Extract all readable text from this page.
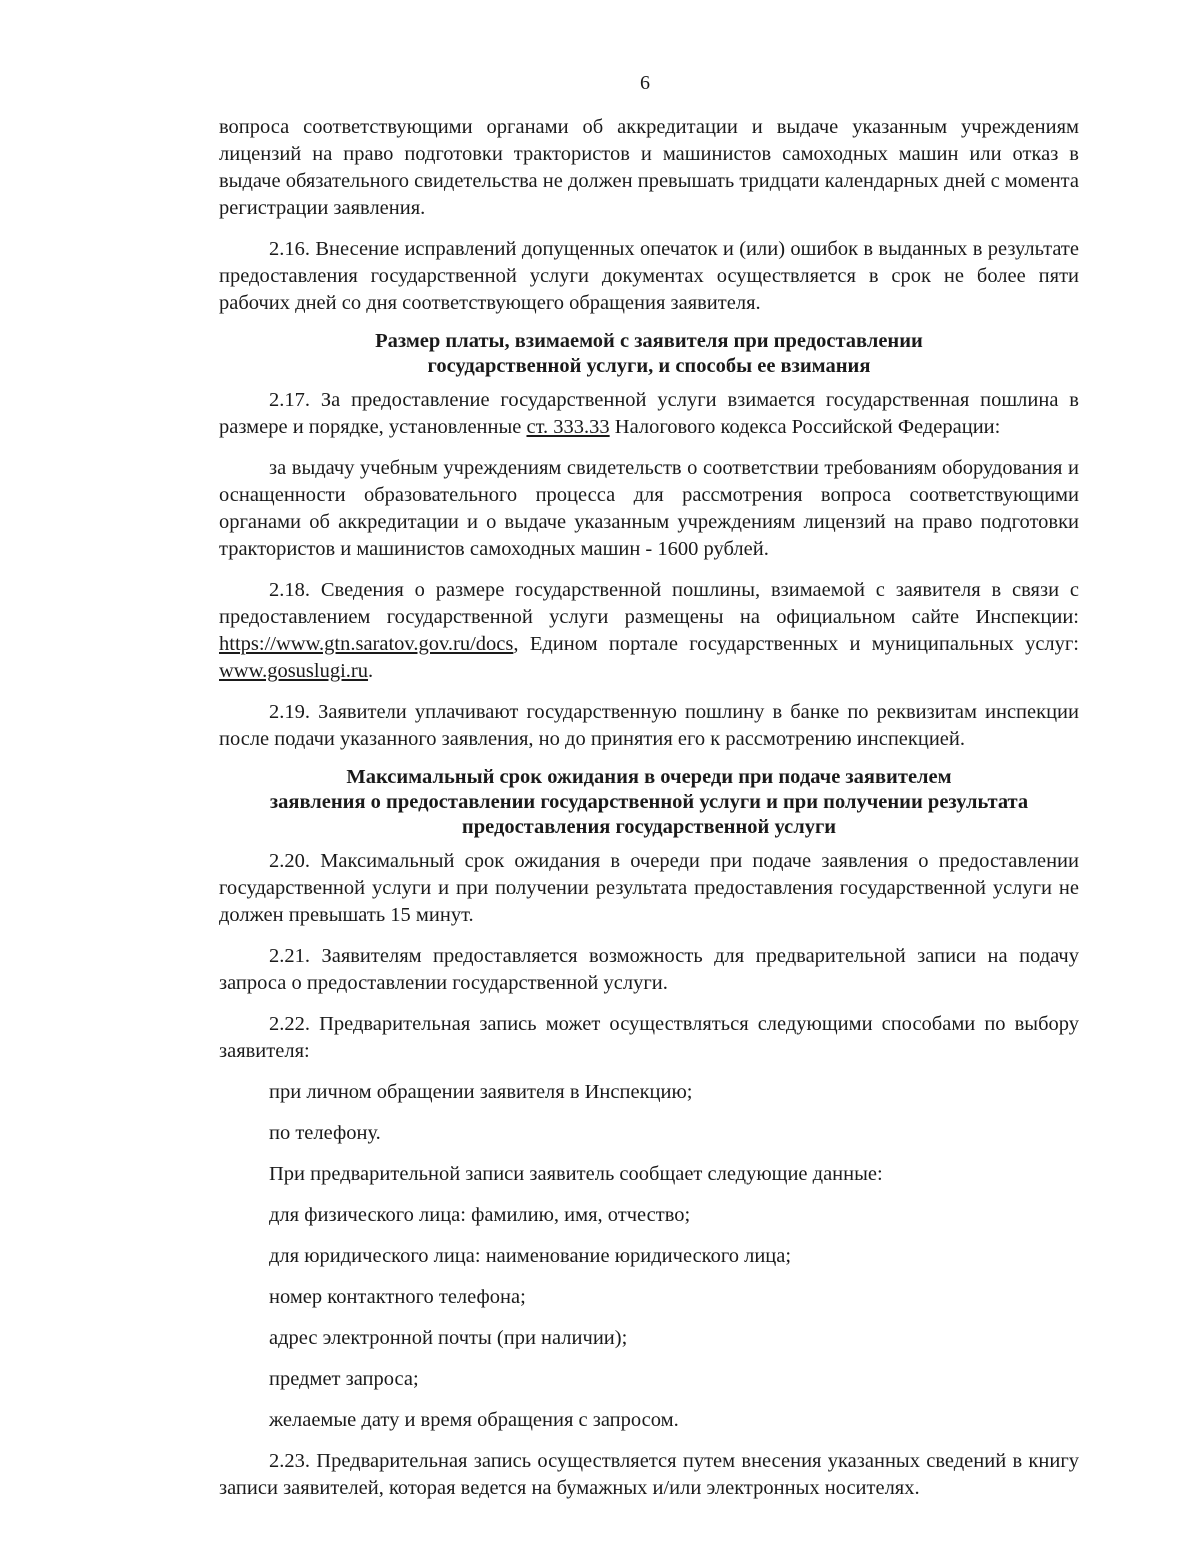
6

вопроса соответствующими органами об аккредитации и выдаче указанным учреждениям лицензий на право подготовки трактористов и машинистов самоходных машин или отказ в выдаче обязательного свидетельства не должен превышать тридцати календарных дней с момента регистрации заявления.

2.16. Внесение исправлений допущенных опечаток и (или) ошибок в выданных в результате предоставления государственной услуги документах осуществляется в срок не более пяти рабочих дней со дня соответствующего обращения заявителя.

Размер платы, взимаемой с заявителя при предоставлении государственной услуги, и способы ее взимания

2.17. За предоставление государственной услуги взимается государственная пошлина в размере и порядке, установленные ст. 333.33 Налогового кодекса Российской Федерации:

за выдачу учебным учреждениям свидетельств о соответствии требованиям оборудования и оснащенности образовательного процесса для рассмотрения вопроса соответствующими органами об аккредитации и о выдаче указанным учреждениям лицензий на право подготовки трактористов и машинистов самоходных машин - 1600 рублей.

2.18. Сведения о размере государственной пошлины, взимаемой с заявителя в связи с предоставлением государственной услуги размещены на официальном сайте Инспекции: https://www.gtn.saratov.gov.ru/docs, Едином портале государственных и муниципальных услуг: www.gosuslugi.ru.

2.19. Заявители уплачивают государственную пошлину в банке по реквизитам инспекции после подачи указанного заявления, но до принятия его к рассмотрению инспекцией.

Максимальный срок ожидания в очереди при подаче заявителем
заявления о предоставлении государственной услуги и при получении результата
предоставления государственной услуги

2.20. Максимальный срок ожидания в очереди при подаче заявления о предоставлении государственной услуги и при получении результата предоставления государственной услуги не должен превышать 15 минут.

2.21. Заявителям предоставляется возможность для предварительной записи на подачу запроса о предоставлении государственной услуги.

2.22. Предварительная запись может осуществляться следующими способами по выбору заявителя:

при личном обращении заявителя в Инспекцию;

по телефону.

При предварительной записи заявитель сообщает следующие данные:

для физического лица: фамилию, имя, отчество;

для юридического лица: наименование юридического лица;

номер контактного телефона;

адрес электронной почты (при наличии);

предмет запроса;

желаемые дату и время обращения с запросом.

2.23. Предварительная запись осуществляется путем внесения указанных сведений в книгу записи заявителей, которая ведется на бумажных и/или электронных носителях.
